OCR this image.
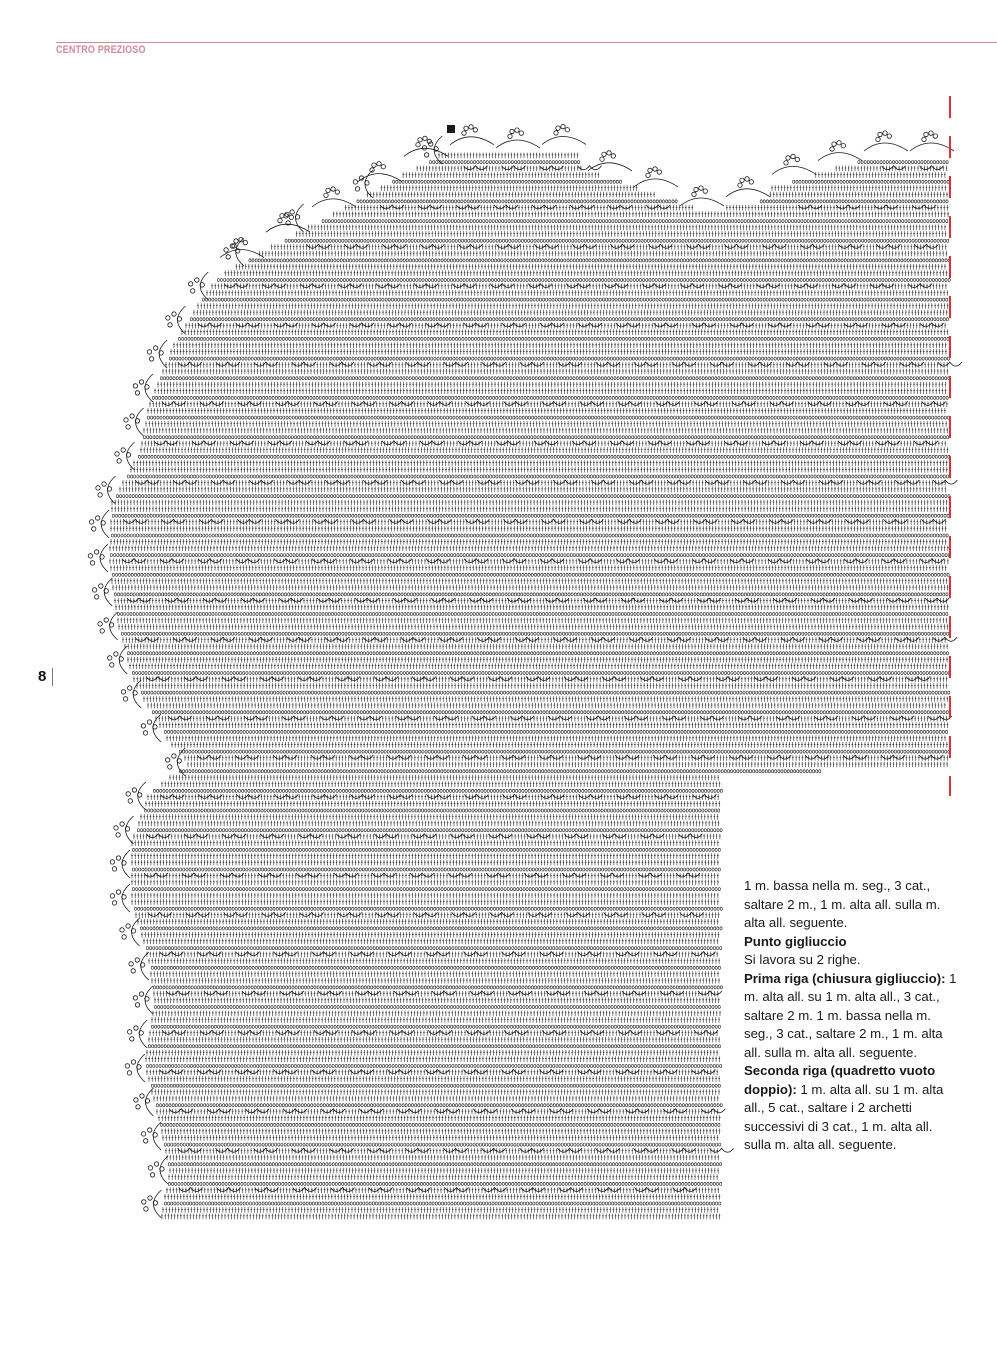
CENTRO PREZIOSO
8

1 m. bassa nella m. seg., 3 cat., saltare 2 m., 1 m. alta all. sulla m. alta all. seguente.

Punto gigliuccio

Si lavora su 2 righe.

Prima riga (chiusura gigliuccio): 1 m. alta all. su 1 m. alta all., 3 cat., saltare 2 m. 1 m. bassa nella m. seg., 3 cat., saltare 2 m., 1 m. alta all. sulla m. alta all. seguente.

Seconda riga (quadretto vuoto doppio): 1 m. alta all. su 1 m. alta all., 5 cat., saltare i 2 archetti successivi di 3 cat., 1 m. alta all. sulla m. alta all. seguente.
